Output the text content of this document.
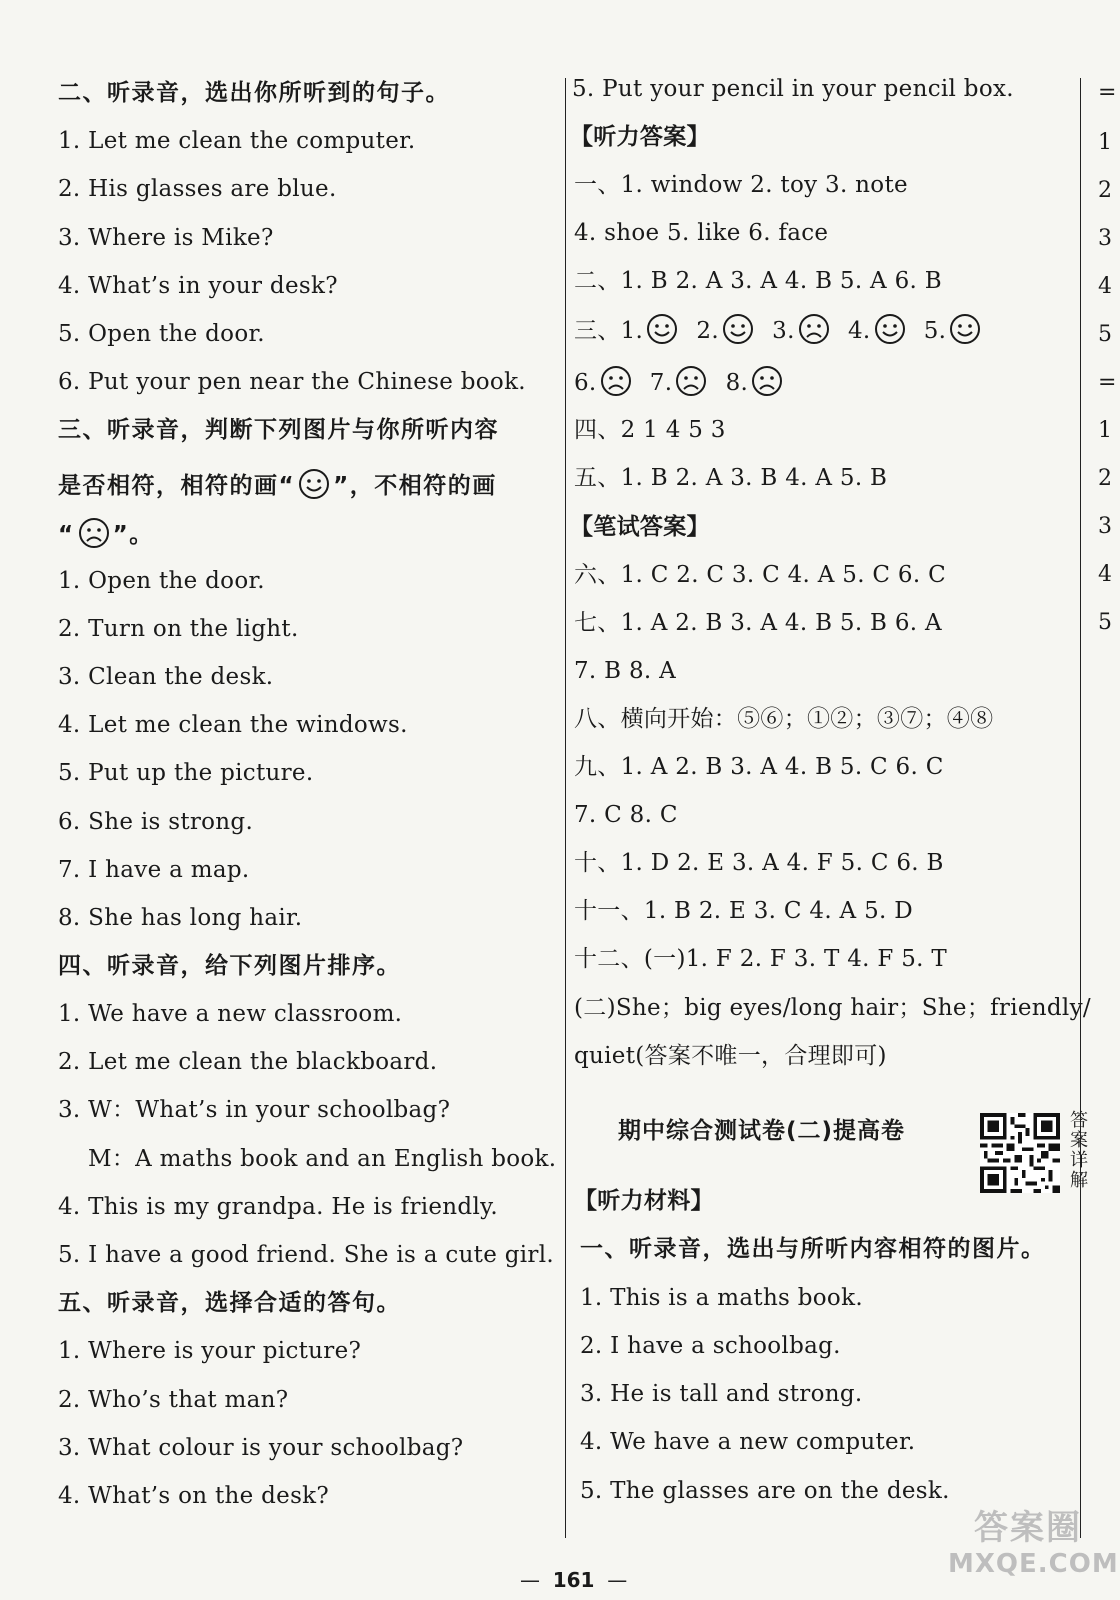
二、听录音，选出你所听到的句子。
1. Let me clean the computer.
2. His glasses are blue.
3. Where is Mike?
4. What’s in your desk?
5. Open the door.
6. Put your pen near the Chinese book.
三、听录音，判断下列图片与你所听内容
是否相符，相符的画“ ”，不相符的画
“ ”。
1. Open the door.
2. Turn on the light.
3. Clean the desk.
4. Let me clean the windows.
5. Put up the picture.
6. She is strong.
7. I have a map.
8. She has long hair.
四、听录音，给下列图片排序。
1. We have a new classroom.
2. Let me clean the blackboard.
3. W：What’s in your schoolbag?
M：A maths book and an English book.
4. This is my grandpa. He is friendly.
5. I have a good friend. She is a cute girl.
五、听录音，选择合适的答句。
1. Where is your picture?
2. Who’s that man?
3. What colour is your schoolbag?
4. What’s on the desk?
5. Put your pencil in your pencil box.
【听力答案】
一、1. window 2. toy 3. note
4. shoe 5. like 6. face
二、1. B 2. A 3. A 4. B 5. A 6. B
三、1. 2. 3. 4. 5.
6. 7. 8.
四、2 1 4 5 3
五、1. B 2. A 3. B 4. A 5. B
【笔试答案】
六、1. C 2. C 3. C 4. A 5. C 6. C
七、1. A 2. B 3. A 4. B 5. B 6. A
7. B 8. A
八、横向开始：⑤⑥；①②；③⑦；④⑧
九、1. A 2. B 3. A 4. B 5. C 6. C
7. C 8. C
十、1. D 2. E 3. A 4. F 5. C 6. B
十一、1. B 2. E 3. C 4. A 5. D
十二、(一)1. F 2. F 3. T 4. F 5. T
(二)She；big eyes/long hair；She；friendly/
quiet(答案不唯一，合理即可)
期中综合测试卷(二)提高卷
【听力材料】
一、听录音，选出与所听内容相符的图片。
1. This is a maths book.
2. I have a schoolbag.
3. He is tall and strong.
4. We have a new computer.
5. The glasses are on the desk.
答案详解
=
1
2
3
4
5
=
1
2
3
4
5
— 161 —
答案圈
MXQE.COM
